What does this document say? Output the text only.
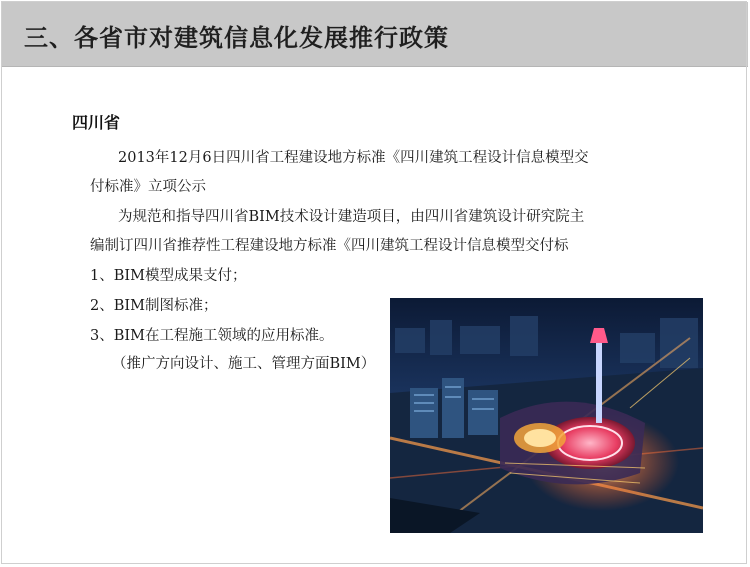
三、各省市对建筑信息化发展推行政策
四川省
2013年12月6日四川省工程建设地方标准《四川建筑工程设计信息模型交
付标准》立项公示
为规范和指导四川省BIM技术设计建造项目，由四川省建筑设计研究院主
编制订四川省推荐性工程建设地方标准《四川建筑工程设计信息模型交付标
1、BIM模型成果支付；
2、BIM制图标准；
3、BIM在工程施工领域的应用标准。
（推广方向设计、施工、管理方面BIM）
